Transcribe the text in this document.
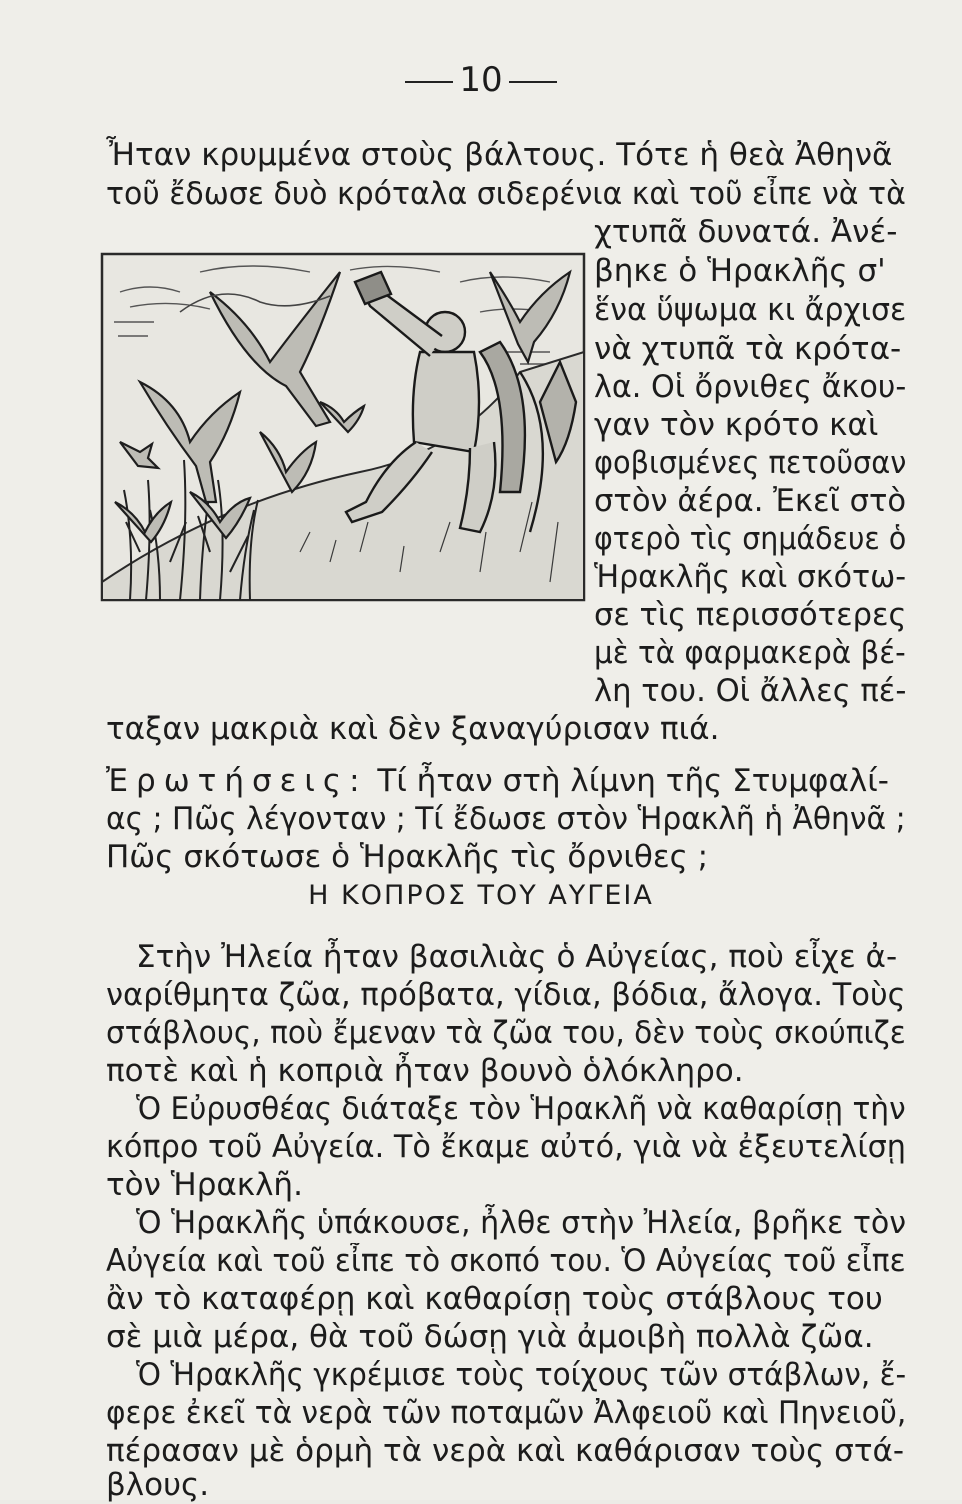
10
Ἦταν κρυμμένα στοὺς βάλτους. Τότε ἡ θεὰ Ἀθηνᾶ
τοῦ ἔδωσε δυὸ κρόταλα σιδερένια καὶ τοῦ εἶπε νὰ τὰ
χτυπᾶ δυνατά. Ἀνέ-
βηκε ὁ Ἡρακλῆς σ'
ἕνα ὕψωμα κι ἄρχισε
νὰ χτυπᾶ τὰ κρότα-
λα. Οἱ ὄρνιθες ἄκου-
γαν τὸν κρότο καὶ
φοβισμένες πετοῦσαν
στὸν ἀέρα. Ἐκεῖ στὸ
φτερὸ τὶς σημάδευε ὁ
Ἡρακλῆς καὶ σκότω-
σε τὶς περισσότερες
μὲ τὰ φαρμακερὰ βέ-
λη του. Οἱ ἄλλες πέ-
ταξαν μακριὰ καὶ δὲν ξαναγύρισαν πιά.
Ἐρωτήσεις: Τί ἦταν στὴ λίμνη τῆς Στυμφαλί-
ας ; Πῶς λέγονταν ; Τί ἔδωσε στὸν Ἡρακλῆ ἡ Ἀθηνᾶ ;
Πῶς σκότωσε ὁ Ἡρακλῆς τὶς ὄρνιθες ;
Η ΚΟΠΡΟΣ ΤΟΥ ΑΥΓΕΙΑ
Στὴν Ἠλεία ἦταν βασιλιὰς ὁ Αὐγείας, ποὺ εἶχε ἀ-
ναρίθμητα ζῶα, πρόβατα, γίδια, βόδια, ἄλογα. Τοὺς
στάβλους, ποὺ ἔμεναν τὰ ζῶα του, δὲν τοὺς σκούπιζε
ποτὲ καὶ ἡ κοπριὰ ἦταν βουνὸ ὁλόκληρο.
Ὁ Εὐρυσθέας διάταξε τὸν Ἡρακλῆ νὰ καθαρίσῃ τὴν
κόπρο τοῦ Αὐγεία. Τὸ ἔκαμε αὐτό, γιὰ νὰ ἐξευτελίσῃ
τὸν Ἡρακλῆ.
Ὁ Ἡρακλῆς ὑπάκουσε, ἦλθε στὴν Ἠλεία, βρῆκε τὸν
Αὐγεία καὶ τοῦ εἶπε τὸ σκοπό του. Ὁ Αὐγείας τοῦ εἶπε
ἂν τὸ καταφέρῃ καὶ καθαρίσῃ τοὺς στάβλους του
σὲ μιὰ μέρα, θὰ τοῦ δώσῃ γιὰ ἀμοιβὴ πολλὰ ζῶα.
Ὁ Ἡρακλῆς γκρέμισε τοὺς τοίχους τῶν στάβλων, ἔ-
φερε ἐκεῖ τὰ νερὰ τῶν ποταμῶν Ἀλφειοῦ καὶ Πηνειοῦ,
πέρασαν μὲ ὁρμὴ τὰ νερὰ καὶ καθάρισαν τοὺς στά-
βλους.
